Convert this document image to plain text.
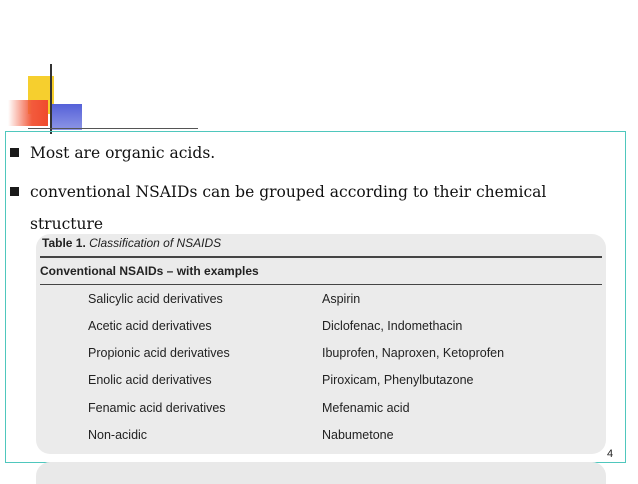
Most are organic acids.
conventional NSAIDs can be grouped according to their chemical
structure
Table 1. Classification of NSAIDS
Conventional NSAIDs – with examples
Salicylic acid derivatives	Aspirin
Acetic acid derivatives	Diclofenac, Indomethacin
Propionic acid derivatives	Ibuprofen, Naproxen, Ketoprofen
Enolic acid derivatives	Piroxicam, Phenylbutazone
Fenamic acid derivatives	Mefenamic acid
Non-acidic	Nabumetone
4
